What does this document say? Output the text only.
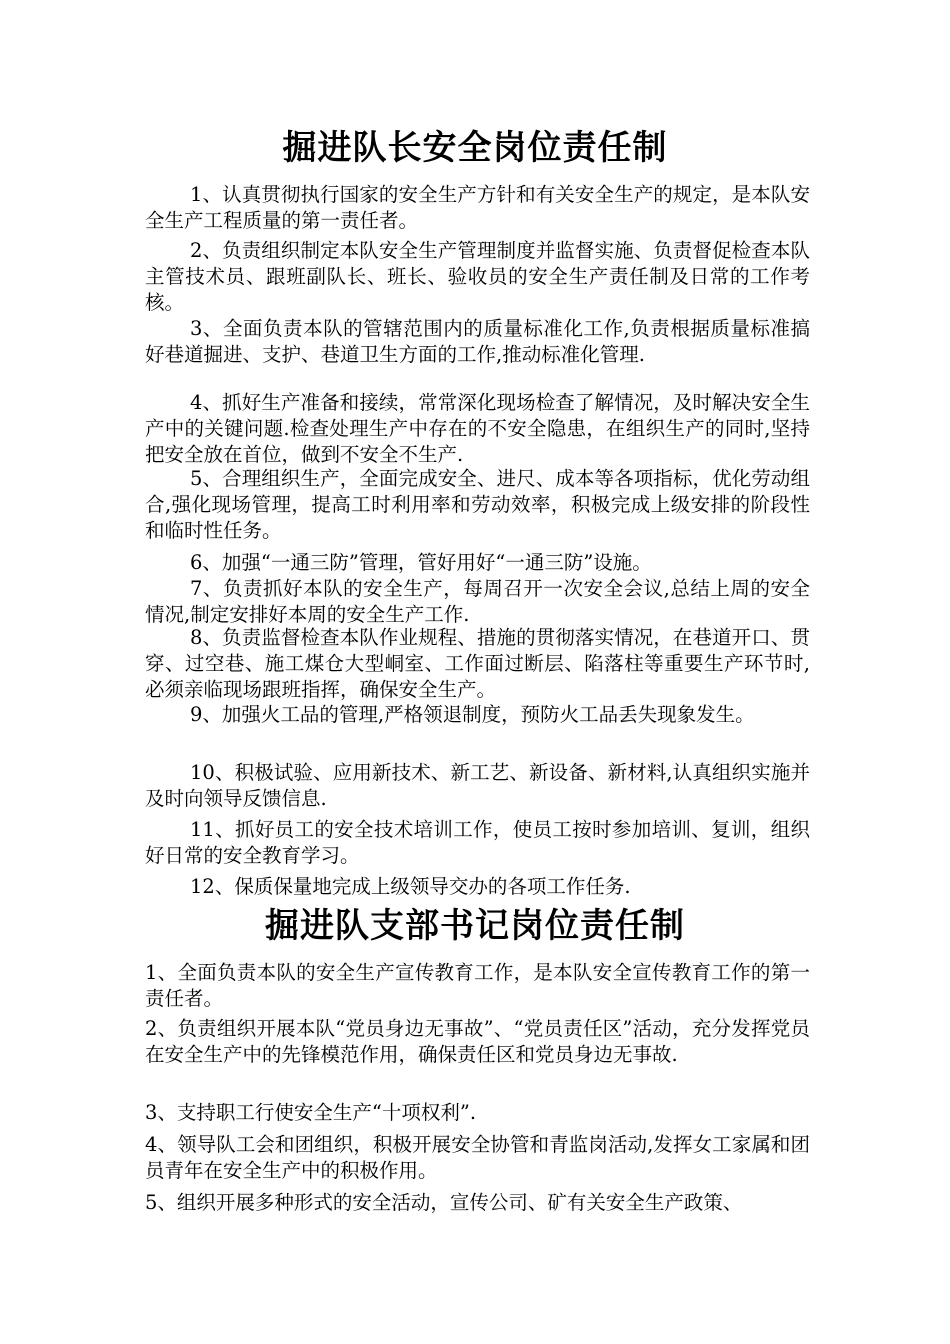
掘进队长安全岗位责任制

1、认真贯彻执行国家的安全生产方针和有关安全生产的规定，是本队安全生产工程质量的第一责任者。

2、负责组织制定本队安全生产管理制度并监督实施、负责督促检查本队主管技术员、跟班副队长、班长、验收员的安全生产责任制及日常的工作考核。

3、全面负责本队的管辖范围内的质量标准化工作,负责根据质量标准搞好巷道掘进、支护、巷道卫生方面的工作,推动标准化管理.

4、抓好生产准备和接续，常常深化现场检查了解情况，及时解决安全生产中的关键问题.检查处理生产中存在的不安全隐患，在组织生产的同时,坚持把安全放在首位，做到不安全不生产.

5、合理组织生产，全面完成安全、进尺、成本等各项指标，优化劳动组合,强化现场管理，提高工时利用率和劳动效率，积极完成上级安排的阶段性和临时性任务。

6、加强“一通三防”管理，管好用好“一通三防”设施。

7、负责抓好本队的安全生产，每周召开一次安全会议,总结上周的安全情况,制定安排好本周的安全生产工作.

8、负责监督检查本队作业规程、措施的贯彻落实情况，在巷道开口、贯穿、过空巷、施工煤仓大型峒室、工作面过断层、陷落柱等重要生产环节时,必须亲临现场跟班指挥，确保安全生产。

9、加强火工品的管理,严格领退制度，预防火工品丢失现象发生。

10、积极试验、应用新技术、新工艺、新设备、新材料,认真组织实施并及时向领导反馈信息.

11、抓好员工的安全技术培训工作，使员工按时参加培训、复训，组织好日常的安全教育学习。

12、保质保量地完成上级领导交办的各项工作任务.

掘进队支部书记岗位责任制

1、全面负责本队的安全生产宣传教育工作，是本队安全宣传教育工作的第一责任者。

2、负责组织开展本队“党员身边无事故”、“党员责任区”活动，充分发挥党员在安全生产中的先锋模范作用，确保责任区和党员身边无事故.

3、支持职工行使安全生产“十项权利”.

4、领导队工会和团组织，积极开展安全协管和青监岗活动,发挥女工家属和团员青年在安全生产中的积极作用。

5、组织开展多种形式的安全活动，宣传公司、矿有关安全生产政策、
